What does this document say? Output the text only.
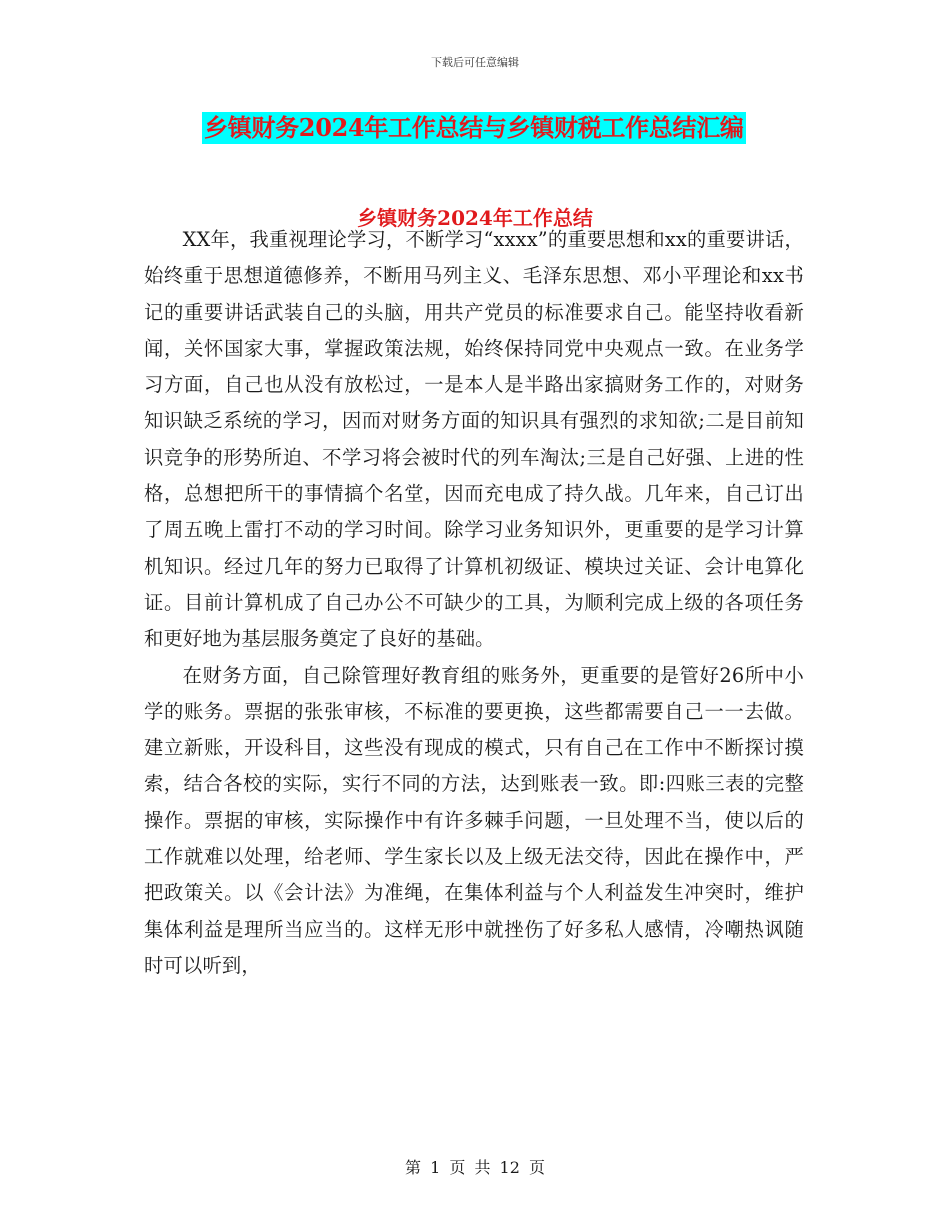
下载后可任意编辑
乡镇财务2024年工作总结与乡镇财税工作总结汇编
乡镇财务2024年工作总结

XX年，我重视理论学习，不断学习“xxxx”的重要思想和xx的重要讲话，始终重于思想道德修养，不断用马列主义、毛泽东思想、邓小平理论和xx书记的重要讲话武装自己的头脑，用共产党员的标准要求自己。能坚持收看新闻，关怀国家大事，掌握政策法规，始终保持同党中央观点一致。在业务学习方面，自己也从没有放松过，一是本人是半路出家搞财务工作的，对财务知识缺乏系统的学习，因而对财务方面的知识具有强烈的求知欲;二是目前知识竞争的形势所迫、不学习将会被时代的列车淘汰;三是自己好强、上进的性格，总想把所干的事情搞个名堂，因而充电成了持久战。几年来，自己订出了周五晚上雷打不动的学习时间。除学习业务知识外，更重要的是学习计算机知识。经过几年的努力已取得了计算机初级证、模块过关证、会计电算化证。目前计算机成了自己办公不可缺少的工具，为顺利完成上级的各项任务和更好地为基层服务奠定了良好的基础。

在财务方面，自己除管理好教育组的账务外，更重要的是管好26所中小学的账务。票据的张张审核，不标准的要更换，这些都需要自己一一去做。建立新账，开设科目，这些没有现成的模式，只有自己在工作中不断探讨摸索，结合各校的实际，实行不同的方法，达到账表一致。即:四账三表的完整操作。票据的审核，实际操作中有许多棘手问题，一旦处理不当，使以后的工作就难以处理，给老师、学生家长以及上级无法交待，因此在操作中，严把政策关。以《会计法》为准绳，在集体利益与个人利益发生冲突时，维护集体利益是理所当应当的。这样无形中就挫伤了好多私人感情，冷嘲热讽随时可以听到，

第 1 页 共 12 页
